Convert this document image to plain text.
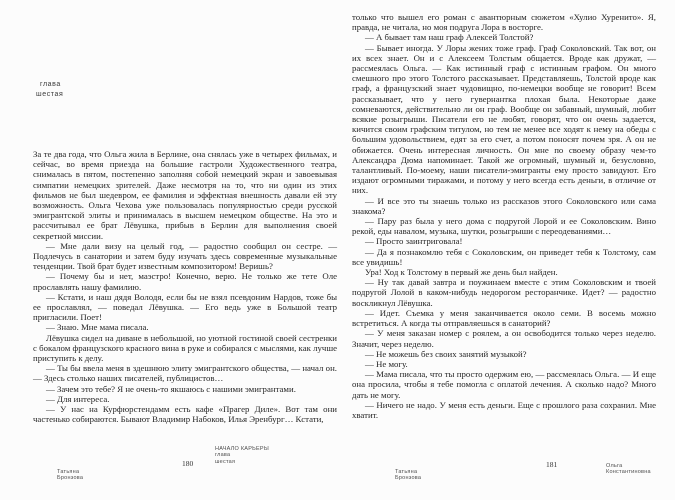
глава
шестая

За те два года, что Ольга жила в Берлине, она снялась уже в четырех фильмах, и сейчас, во время приезда на большие гастроли Художественного театра, снималась в пятом, постепенно заполняя собой немецкий экран и завоевывая симпатии немецких зрителей. Даже несмотря на то, что ни один из этих фильмов не был шедевром, ее фамилия и эффектная внешность давали ей эту возможность. Ольга Чехова уже пользовалась популярностью среди русской эмигрантской элиты и принималась в высшем немецком обществе. На это и рассчитывал ее брат Лёвушка, прибыв в Берлин для выполнения своей секретной миссии.

— Мне дали визу на целый год, — радостно сообщил он сестре. — Подлечусь в санатории и затем буду изучать здесь современные музыкальные тенденции. Твой брат будет известным композитором! Веришь?

— Почему бы и нет, маэстро! Конечно, верю. Не только же тете Оле прославлять нашу фамилию.

— Кстати, и наш дядя Володя, если бы не взял псевдоним Нардов, тоже бы ее прославлял, — поведал Лёвушка. — Его ведь уже в Большой театр пригласили. Поет!

— Знаю. Мне мама писала.

Лёвушка сидел на диване в небольшой, но уютной гостиной своей сестренки с бокалом французского красного вина в руке и собирался с мыслями, как лучше приступить к делу.

— Ты бы ввела меня в здешнюю элиту эмигрантского общества, — начал он. — Здесь столько наших писателей, публицистов…

— Зачем это тебе? Я не очень-то якшаюсь с нашими эмигрантами.

— Для интереса.

— У нас на Курфюрстендамм есть кафе «Прагер Диле». Вот там они частенько собираются. Бывают Владимир Набоков, Илья Эренбург… Кстати,

только что вышел его роман с авантюрным сюжетом «Хулио Хуренито». Я, правда, не читала, но моя подруга Лора в восторге.

— А бывает там наш граф Алексей Толстой?

— Бывает иногда. У Лоры жених тоже граф. Граф Соколовский. Так вот, он их всех знает. Он и с Алексеем Толстым общается. Вроде как дружат, — рассмеялась Ольга. — Как истинный граф с истинным графом. Он много смешного про этого Толстого рассказывает. Представляешь, Толстой вроде как граф, а французский знает чудовищно, по-немецки вообще не говорит! Всем рассказывает, что у него гувернантка плохая была. Некоторые даже сомневаются, действительно ли он граф. Вообще он забавный, шумный, любит всякие розыгрыши. Писатели его не любят, говорят, что он очень задается, кичится своим графским титулом, но тем не менее все ходят к нему на обеды с большим удовольствием, едят за его счет, а потом поносят почем зря. А он не обижается. Очень интересная личность. Он мне по своему образу чем-то Александра Дюма напоминает. Такой же огромный, шумный и, безусловно, талантливый. По-моему, наши писатели-эмигранты ему просто завидуют. Его издают огромными тиражами, и потому у него всегда есть деньги, в отличие от них.

— И все это ты знаешь только из рассказов этого Соколовского или сама знакома?

— Пару раз была у него дома с подругой Лорой и ее Соколовским. Вино рекой, еды навалом, музыка, шутки, розыгрыши с переодеваниями…

— Просто заинтриговала!

— Да я познакомлю тебя с Соколовским, он приведет тебя к Толстому, сам все увидишь!

Ура! Ход к Толстому в первый же день был найден.

— Ну так давай завтра и поужинаем вместе с этим Соколовским и твоей подругой Лолой в каком-нибудь недорогом ресторанчике. Идет? — радостно воскликнул Лёвушка.

— Идет. Съемка у меня заканчивается около семи. В восемь можно встретиться. А когда ты отправляешься в санаторий?

— У меня заказан номер с роялем, а он освободится только через неделю. Значит, через неделю.

— Не можешь без своих занятий музыкой?

— Не могу.

— Мама писала, что ты просто одержим ею, — рассмеялась Ольга. — И еще она просила, чтобы я тебе помогла с оплатой лечения. А сколько надо? Много дать не могу.

— Ничего не надо. У меня есть деньги. Еще с прошлого раза сохранил. Мне хватит.

НАЧАЛО КАРЬЕРЫ
глава
шестая
180
Татьяна
Бронзова
Татьяна
Бронзова
181	Ольга
Константиновна
